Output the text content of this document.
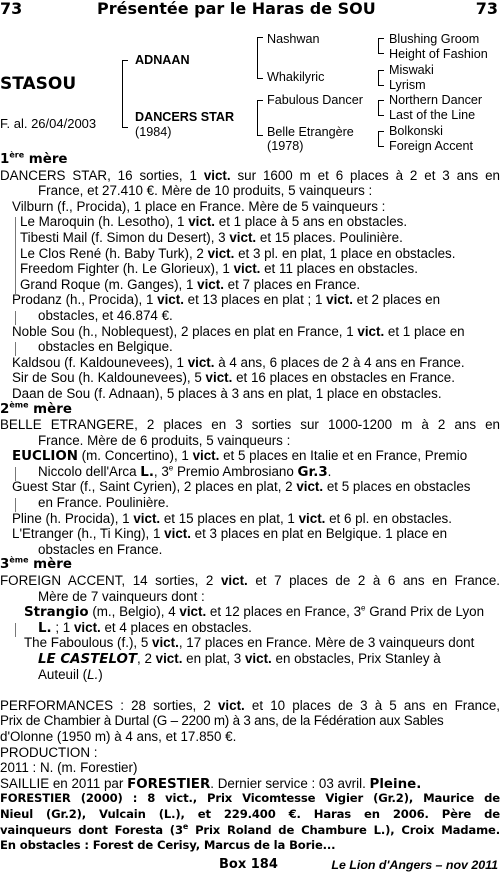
73	Présentée par le Haras de SOU	73
STASOU
F. al. 26/04/2003
ADNAAN
DANCERS STAR
(1984)
Nashwan
Whakilyric
Fabulous Dancer
Belle Etrangère
(1978)
Blushing Groom
Height of Fashion
Miswaki
Lyrism
Northern Dancer
Last of the Line
Bolkonski
Foreign Accent
1ère mère
DANCERS STAR, 16 sorties, 1 vict. sur 1600 m et 6 places à 2 et 3 ans en
France, et 27.410 €. Mère de 10 produits, 5 vainqueurs :
Vilburn (f., Procida), 1 place en France. Mère de 5 vainqueurs :
Le Maroquin (h. Lesotho), 1 vict. et 1 place à 5 ans en obstacles.
Tibesti Mail (f. Simon du Desert), 3 vict. et 15 places. Poulinière.
Le Clos René (h. Baby Turk), 2 vict. et 3 pl. en plat, 1 place en obstacles.
Freedom Fighter (h. Le Glorieux), 1 vict. et 11 places en obstacles.
Grand Roque (m. Ganges), 1 vict. et 7 places en France.
Prodanz (h., Procida), 1 vict. et 13 places en plat ; 1 vict. et 2 places en
obstacles, et 46.874 €.
Noble Sou (h., Noblequest), 2 places en plat en France, 1 vict. et 1 place en
obstacles en Belgique.
Kaldsou (f. Kaldounevees), 1 vict. à 4 ans, 6 places de 2 à 4 ans en France.
Sir de Sou (h. Kaldounevees), 5 vict. et 16 places en obstacles en France.
Daan de Sou (f. Adnaan), 5 places à 3 ans en plat, 1 place en obstacles.
2ème mère
BELLE ETRANGERE, 2 places en 3 sorties sur 1000-1200 m à 2 ans en
France. Mère de 6 produits, 5 vainqueurs :
EUCLION (m. Concertino), 1 vict. et 5 places en Italie et en France, Premio
Niccolo dell'Arca L., 3e Premio Ambrosiano Gr.3.
Guest Star (f., Saint Cyrien), 2 places en plat, 2 vict. et 5 places en obstacles
en France. Poulinière.
Pline (h. Procida), 1 vict. et 15 places en plat, 1 vict. et 6 pl. en obstacles.
L'Etranger (h., Ti King), 1 vict. et 3 places en plat en Belgique. 1 place en
obstacles en France.
3ème mère
FOREIGN ACCENT, 14 sorties, 2 vict. et 7 places de 2 à 6 ans en France.
Mère de 7 vainqueurs dont :
Strangio (m., Belgio), 4 vict. et 12 places en France, 3e Grand Prix de Lyon
L. ; 1 vict. et 4 places en obstacles.
The Faboulous (f.), 5 vict., 17 places en France. Mère de 3 vainqueurs dont
LE CASTELOT, 2 vict. en plat, 3 vict. en obstacles, Prix Stanley à
Auteuil (L.)
PERFORMANCES : 28 sorties, 2 vict. et 10 places de 3 à 5 ans en France,
Prix de Chambier à Durtal (G – 2200 m) à 3 ans, de la Fédération aux Sables
d'Olonne (1950 m) à 4 ans, et 17.850 €.
PRODUCTION :
2011 : N. (m. Forestier)
SAILLIE en 2011 par FORESTIER. Dernier service : 03 avril. Pleine.
FORESTIER (2000) : 8 vict., Prix Vicomtesse Vigier (Gr.2), Maurice de
Nieul (Gr.2), Vulcain (L.), et 229.400 €. Haras en 2006. Père de
vainqueurs dont Foresta (3e Prix Roland de Chambure L.), Croix Madame.
En obstacles : Forest de Cerisy, Marcus de la Borie...
Box 184	Le Lion d'Angers – nov 2011
